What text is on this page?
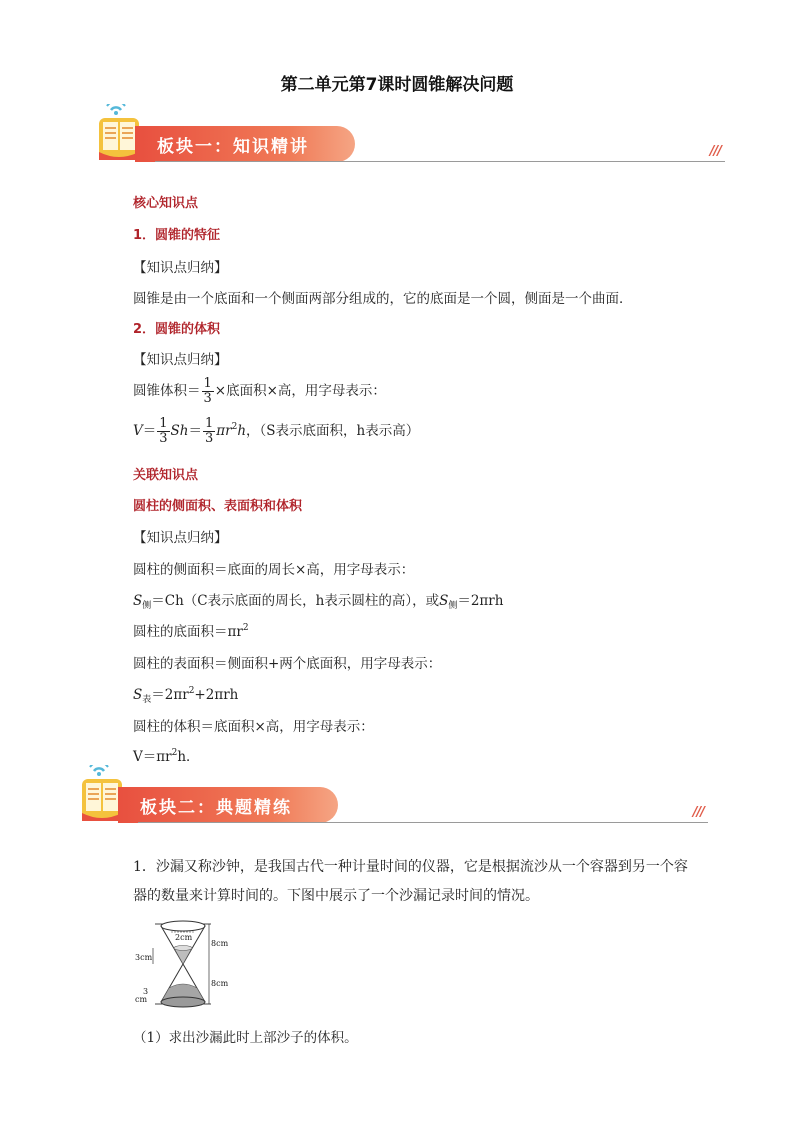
第二单元第7课时圆锥解决问题
板块一：知识精讲	///
核心知识点
1．圆锥的特征
【知识点归纳】
圆锥是由一个底面和一个侧面两部分组成的，它的底面是一个圆，侧面是一个曲面．
2．圆锥的体积
【知识点归纳】
圆锥体积＝ $\frac{1}{3}$ ×底面积×高，用字母表示：
$V= \frac{1}{3} Sh= \frac{1}{3} \pi r^2h$，（S表示底面积，h表示高）
关联知识点
圆柱的侧面积、表面积和体积
【知识点归纳】
圆柱的侧面积＝底面的周长×高，用字母表示：
$S_侧=Ch(C$表示底面的周长，h表示圆柱的高），或$S_侧=2\pi rh$
圆柱的底面积$=\pi r^2$
圆柱的表面积＝侧面积+两个底面积，用字母表示：
$S_表=2\pi r^2+2\pi rh$
圆柱的体积＝底面积×高，用字母表示：
$V=\pi r^2h$．
板块二：典题精练	///
1．沙漏又称沙钟，是我国古代一种计量时间的仪器，它是根据流沙从一个容器到另一个容器的数量来计算时间的。下图中展示了一个沙漏记录时间的情况。
2cm
8cm
8cm
3cm
3
cm
（1）求出沙漏此时上部沙子的体积。
